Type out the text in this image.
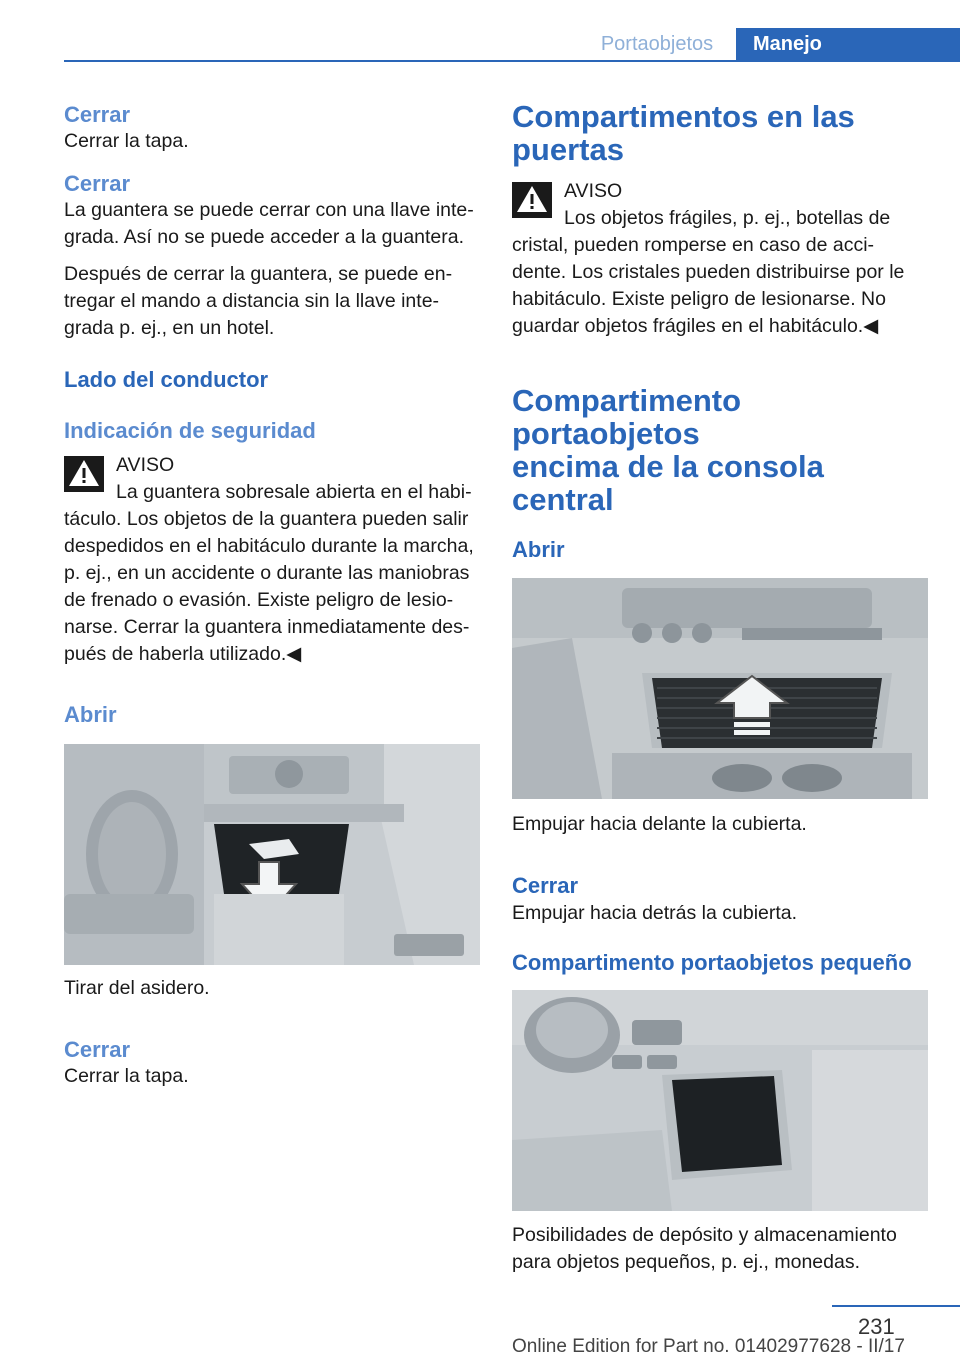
Portaobjetos	Manejo
Cerrar
Cerrar la tapa.
Cerrar
La guantera se puede cerrar con una llave inte‐
grada. Así no se puede acceder a la guantera.
Después de cerrar la guantera, se puede en‐
tregar el mando a distancia sin la llave inte‐
grada p. ej., en un hotel.
Lado del conductor
Indicación de seguridad
AVISO
La guantera sobresale abierta en el habi‐
táculo. Los objetos de la guantera pueden salir
despedidos en el habitáculo durante la marcha,
p. ej., en un accidente o durante las maniobras
de frenado o evasión. Existe peligro de lesio‐
narse. Cerrar la guantera inmediatamente des‐
pués de haberla utilizado.◀
Abrir
Tirar del asidero.
Cerrar
Cerrar la tapa.
Compartimentos en las
puertas
AVISO
Los objetos frágiles, p. ej., botellas de
cristal, pueden romperse en caso de acci‐
dente. Los cristales pueden distribuirse por le
habitáculo. Existe peligro de lesionarse. No
guardar objetos frágiles en el habitáculo.◀
Compartimento portaobjetos
encima de la consola central
Abrir
Empujar hacia delante la cubierta.
Cerrar
Empujar hacia detrás la cubierta.
Compartimento portaobjetos pequeño
Posibilidades de depósito y almacenamiento
para objetos pequeños, p. ej., monedas.
231
Online Edition for Part no. 01402977628 - II/17
